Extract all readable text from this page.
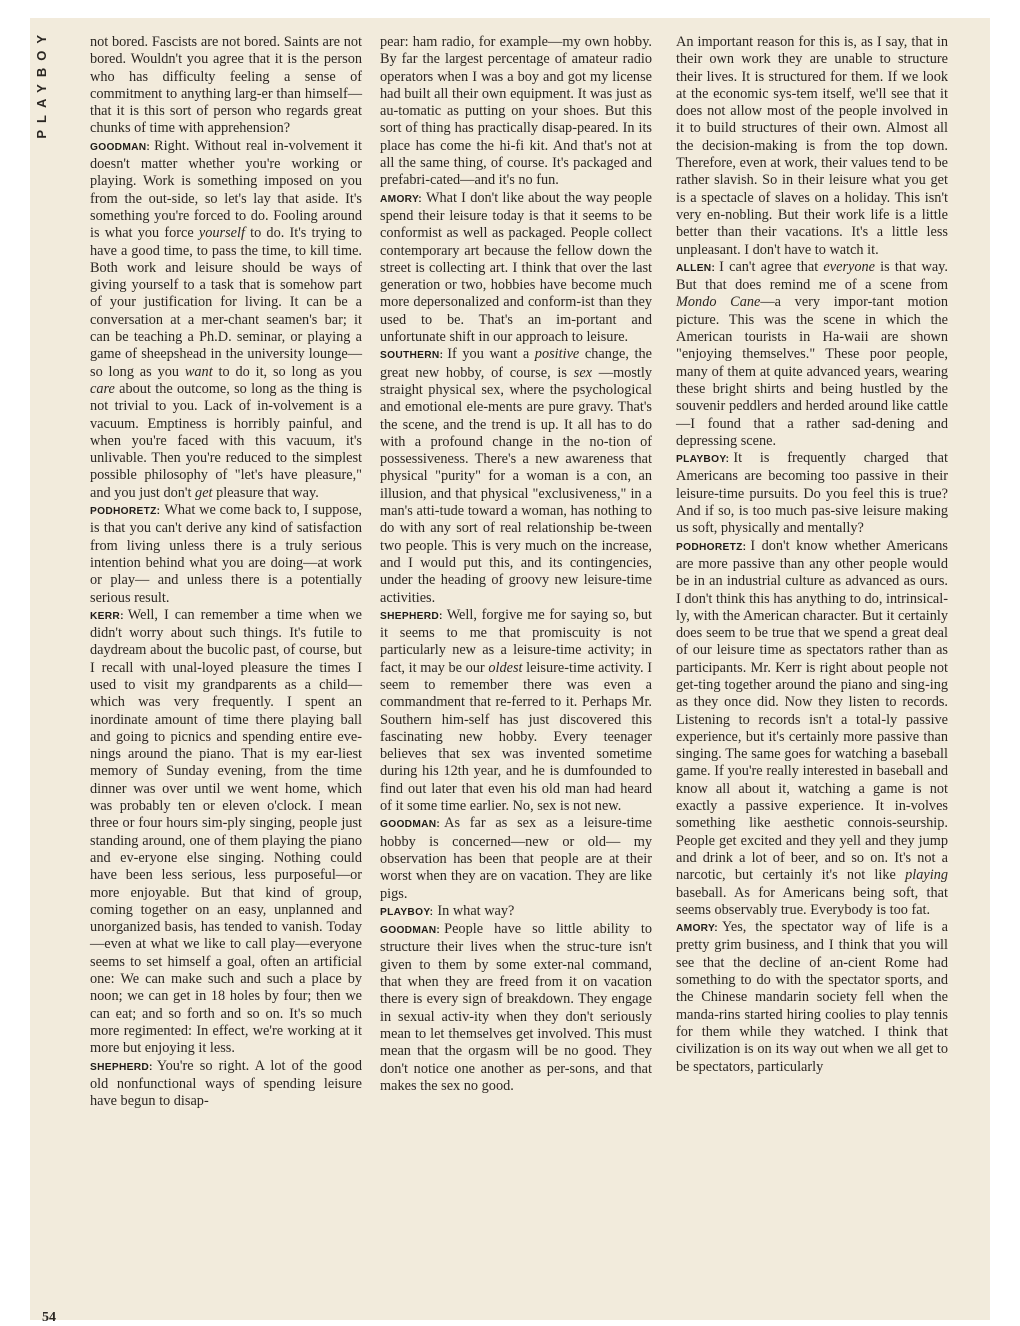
PLAYBOY
54

not bored. Fascists are not bored. Saints are not bored. Wouldn't you agree that it is the person who has difficulty feeling a sense of commitment to anything larg-er than himself—that it is this sort of person who regards great chunks of time with apprehension?

GOODMAN: Right. Without real in-volvement it doesn't matter whether you're working or playing. Work is something imposed on you from the out-side, so let's lay that aside. It's something you're forced to do. Fooling around is what you force yourself to do. It's trying to have a good time, to pass the time, to kill time. Both work and leisure should be ways of giving yourself to a task that is somehow part of your justification for living. It can be a conversation at a mer-chant seamen's bar; it can be teaching a Ph.D. seminar, or playing a game of sheepshead in the university lounge—so long as you want to do it, so long as you care about the outcome, so long as the thing is not trivial to you. Lack of in-volvement is a vacuum. Emptiness is horribly painful, and when you're faced with this vacuum, it's unlivable. Then you're reduced to the simplest possible philosophy of "let's have pleasure," and you just don't get pleasure that way.

PODHORETZ: What we come back to, I suppose, is that you can't derive any kind of satisfaction from living unless there is a truly serious intention behind what you are doing—at work or play— and unless there is a potentially serious result.

KERR: Well, I can remember a time when we didn't worry about such things. It's futile to daydream about the bucolic past, of course, but I recall with unal-loyed pleasure the times I used to visit my grandparents as a child—which was very frequently. I spent an inordinate amount of time there playing ball and going to picnics and spending entire eve-nings around the piano. That is my ear-liest memory of Sunday evening, from the time dinner was over until we went home, which was probably ten or eleven o'clock. I mean three or four hours sim-ply singing, people just standing around, one of them playing the piano and ev-eryone else singing. Nothing could have been less serious, less purposeful—or more enjoyable. But that kind of group, coming together on an easy, unplanned and unorganized basis, has tended to vanish. Today—even at what we like to call play—everyone seems to set himself a goal, often an artificial one: We can make such and such a place by noon; we can get in 18 holes by four; then we can eat; and so forth and so on. It's so much more regimented: In effect, we're working at it more but enjoying it less.

SHEPHERD: You're so right. A lot of the good old nonfunctional ways of spending leisure have begun to disap-

pear: ham radio, for example—my own hobby. By far the largest percentage of amateur radio operators when I was a boy and got my license had built all their own equipment. It was just as au-tomatic as putting on your shoes. But this sort of thing has practically disap-peared. In its place has come the hi-fi kit. And that's not at all the same thing, of course. It's packaged and prefabri-cated—and it's no fun.

AMORY: What I don't like about the way people spend their leisure today is that it seems to be conformist as well as packaged. People collect contemporary art because the fellow down the street is collecting art. I think that over the last generation or two, hobbies have become much more depersonalized and conform-ist than they used to be. That's an im-portant and unfortunate shift in our approach to leisure.

SOUTHERN: If you want a positive change, the great new hobby, of course, is sex —mostly straight physical sex, where the psychological and emotional ele-ments are pure gravy. That's the scene, and the trend is up. It all has to do with a profound change in the no-tion of possessiveness. There's a new awareness that physical "purity" for a woman is a con, an illusion, and that physical "exclusiveness," in a man's atti-tude toward a woman, has nothing to do with any sort of real relationship be-tween two people. This is very much on the increase, and I would put this, and its contingencies, under the heading of groovy new leisure-time activities.

SHEPHERD: Well, forgive me for saying so, but it seems to me that promiscuity is not particularly new as a leisure-time activity; in fact, it may be our oldest leisure-time activity. I seem to remember there was even a commandment that re-ferred to it. Perhaps Mr. Southern him-self has just discovered this fascinating new hobby. Every teenager believes that sex was invented sometime during his 12th year, and he is dumfounded to find out later that even his old man had heard of it some time earlier. No, sex is not new.

GOODMAN: As far as sex as a leisure-time hobby is concerned—new or old— my observation has been that people are at their worst when they are on vacation. They are like pigs.

PLAYBOY: In what way?

GOODMAN: People have so little ability to structure their lives when the struc-ture isn't given to them by some exter-nal command, that when they are freed from it on vacation there is every sign of breakdown. They engage in sexual activ-ity when they don't seriously mean to let themselves get involved. This must mean that the orgasm will be no good. They don't notice one another as per-sons, and that makes the sex no good.

An important reason for this is, as I say, that in their own work they are unable to structure their lives. It is structured for them. If we look at the economic sys-tem itself, we'll see that it does not allow most of the people involved in it to build structures of their own. Almost all the decision-making is from the top down. Therefore, even at work, their values tend to be rather slavish. So in their leisure what you get is a spectacle of slaves on a holiday. This isn't very en-nobling. But their work life is a little better than their vacations. It's a little less unpleasant. I don't have to watch it.

ALLEN: I can't agree that everyone is that way. But that does remind me of a scene from Mondo Cane—a very impor-tant motion picture. This was the scene in which the American tourists in Ha-waii are shown "enjoying themselves." These poor people, many of them at quite advanced years, wearing these bright shirts and being hustled by the souvenir peddlers and herded around like cattle—I found that a rather sad-dening and depressing scene.

PLAYBOY: It is frequently charged that Americans are becoming too passive in their leisure-time pursuits. Do you feel this is true? And if so, is too much pas-sive leisure making us soft, physically and mentally?

PODHORETZ: I don't know whether Americans are more passive than any other people would be in an industrial culture as advanced as ours. I don't think this has anything to do, intrinsical-ly, with the American character. But it certainly does seem to be true that we spend a great deal of our leisure time as spectators rather than as participants. Mr. Kerr is right about people not get-ting together around the piano and sing-ing as they once did. Now they listen to records. Listening to records isn't a total-ly passive experience, but it's certainly more passive than singing. The same goes for watching a baseball game. If you're really interested in baseball and know all about it, watching a game is not exactly a passive experience. It in-volves something like aesthetic connois-seurship. People get excited and they yell and they jump and drink a lot of beer, and so on. It's not a narcotic, but certainly it's not like playing baseball. As for Americans being soft, that seems observably true. Everybody is too fat.

AMORY: Yes, the spectator way of life is a pretty grim business, and I think that you will see that the decline of an-cient Rome had something to do with the spectator sports, and the Chinese mandarin society fell when the manda-rins started hiring coolies to play tennis for them while they watched. I think that civilization is on its way out when we all get to be spectators, particularly
